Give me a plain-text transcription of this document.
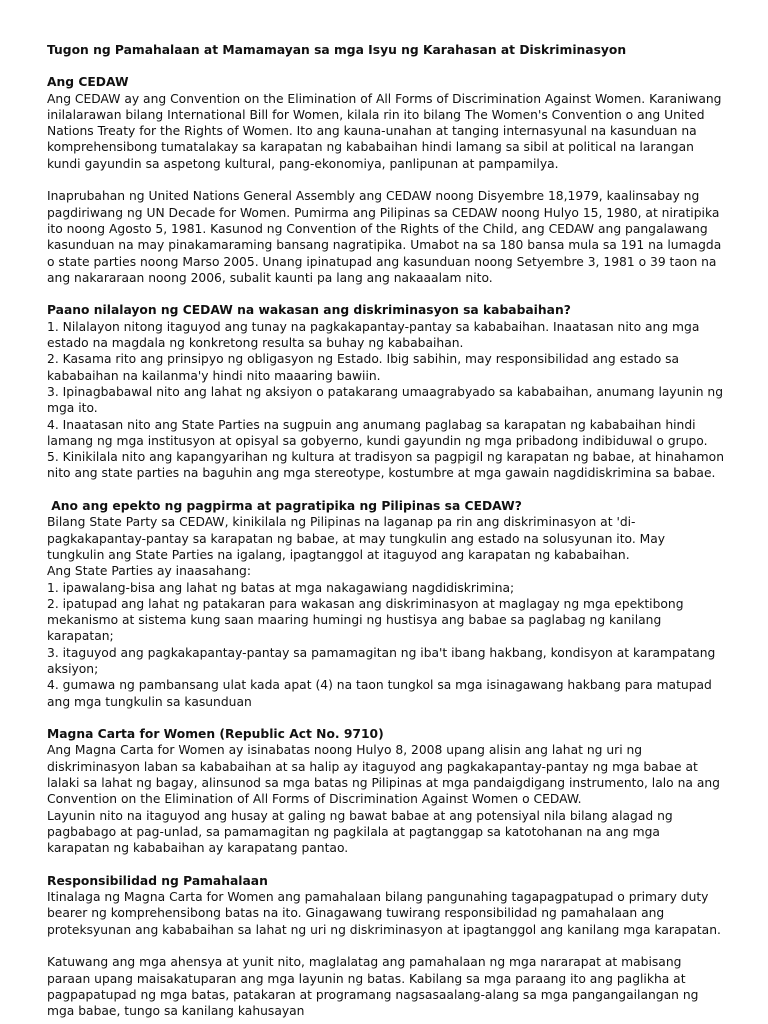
Tugon ng Pamahalaan at Mamamayan sa mga Isyu ng Karahasan at Diskriminasyon
Ang CEDAW

Ang CEDAW ay ang Convention on the Elimination of All Forms of Discrimination Against Women. Karaniwang inilalarawan bilang International Bill for Women, kilala rin ito bilang The Women's Convention o ang United Nations Treaty for the Rights of Women. Ito ang kauna-unahan at tanging internasyunal na kasunduan na komprehensibong tumatalakay sa karapatan ng kababaihan hindi lamang sa sibil at political na larangan kundi gayundin sa aspetong kultural, pang-ekonomiya, panlipunan at pampamilya.

Inaprubahan ng United Nations General Assembly ang CEDAW noong Disyembre 18,1979, kaalinsabay ng pagdiriwang ng UN Decade for Women. Pumirma ang Pilipinas sa CEDAW noong Hulyo 15, 1980, at niratipika ito noong Agosto 5, 1981. Kasunod ng Convention of the Rights of the Child, ang CEDAW ang pangalawang kasunduan na may pinakamaraming bansang nagratipika. Umabot na sa 180 bansa mula sa 191 na lumagda o state parties noong Marso 2005. Unang ipinatupad ang kasunduan noong Setyembre 3, 1981 o 39 taon na ang nakararaan noong 2006, subalit kaunti pa lang ang nakaaalam nito.

Paano nilalayon ng CEDAW na wakasan ang diskriminasyon sa kababaihan?

1. Nilalayon nitong itaguyod ang tunay na pagkakapantay-pantay sa kababaihan. Inaatasan nito ang mga estado na magdala ng konkretong resulta sa buhay ng kababaihan.

2. Kasama rito ang prinsipyo ng obligasyon ng Estado. Ibig sabihin, may responsibilidad ang estado sa kababaihan na kailanma'y hindi nito maaaring bawiin.

3. Ipinagbabawal nito ang lahat ng aksiyon o patakarang umaagrabyado sa kababaihan, anumang layunin ng mga ito.

4. Inaatasan nito ang State Parties na sugpuin ang anumang paglabag sa karapatan ng kababaihan hindi lamang ng mga institusyon at opisyal sa gobyerno, kundi gayundin ng mga pribadong indibiduwal o grupo.

5. Kinikilala nito ang kapangyarihan ng kultura at tradisyon sa pagpigil ng karapatan ng babae, at hinahamon nito ang state parties na baguhin ang mga stereotype, kostumbre at mga gawain nagdidiskrimina sa babae.

Ano ang epekto ng pagpirma at pagratipika ng Pilipinas sa CEDAW?

Bilang State Party sa CEDAW, kinikilala ng Pilipinas na laganap pa rin ang diskriminasyon at 'di-pagkakapantay-pantay sa karapatan ng babae, at may tungkulin ang estado na solusyunan ito. May tungkulin ang State Parties na igalang, ipagtanggol at itaguyod ang karapatan ng kababaihan.

Ang State Parties ay inaasahang:

1. ipawalang-bisa ang lahat ng batas at mga nakagawiang nagdidiskrimina;

2. ipatupad ang lahat ng patakaran para wakasan ang diskriminasyon at maglagay ng mga epektibong mekanismo at sistema kung saan maaring humingi ng hustisya ang babae sa paglabag ng kanilang karapatan;

3. itaguyod ang pagkakapantay-pantay sa pamamagitan ng iba't ibang hakbang, kondisyon at karampatang aksiyon;

4. gumawa ng pambansang ulat kada apat (4) na taon tungkol sa mga isinagawang hakbang para matupad ang mga tungkulin sa kasunduan

Magna Carta for Women (Republic Act No. 9710)

Ang Magna Carta for Women ay isinabatas noong Hulyo 8, 2008 upang alisin ang lahat ng uri ng diskriminasyon laban sa kababaihan at sa halip ay itaguyod ang pagkakapantay-pantay ng mga babae at lalaki sa lahat ng bagay, alinsunod sa mga batas ng Pilipinas at mga pandaigdigang instrumento, lalo na ang Convention on the Elimination of All Forms of Discrimination Against Women o CEDAW.

Layunin nito na itaguyod ang husay at galing ng bawat babae at ang potensiyal nila bilang alagad ng pagbabago at pag-unlad, sa pamamagitan ng pagkilala at pagtanggap sa katotohanan na ang mga karapatan ng kababaihan ay karapatang pantao.

Responsibilidad ng Pamahalaan

Itinalaga ng Magna Carta for Women ang pamahalaan bilang pangunahing tagapagpatupad o primary duty bearer ng komprehensibong batas na ito. Ginagawang tuwirang responsibilidad ng pamahalaan ang proteksyunan ang kababaihan sa lahat ng uri ng diskriminasyon at ipagtanggol ang kanilang mga karapatan.

Katuwang ang mga ahensya at yunit nito, maglalatag ang pamahalaan ng mga nararapat at mabisang paraan upang maisakatuparan ang mga layunin ng batas. Kabilang sa mga paraang ito ang paglikha at pagpapatupad ng mga batas, patakaran at programang nagsasaalang-alang sa mga pangangailangan ng mga babae, tungo sa kanilang kahusayan
